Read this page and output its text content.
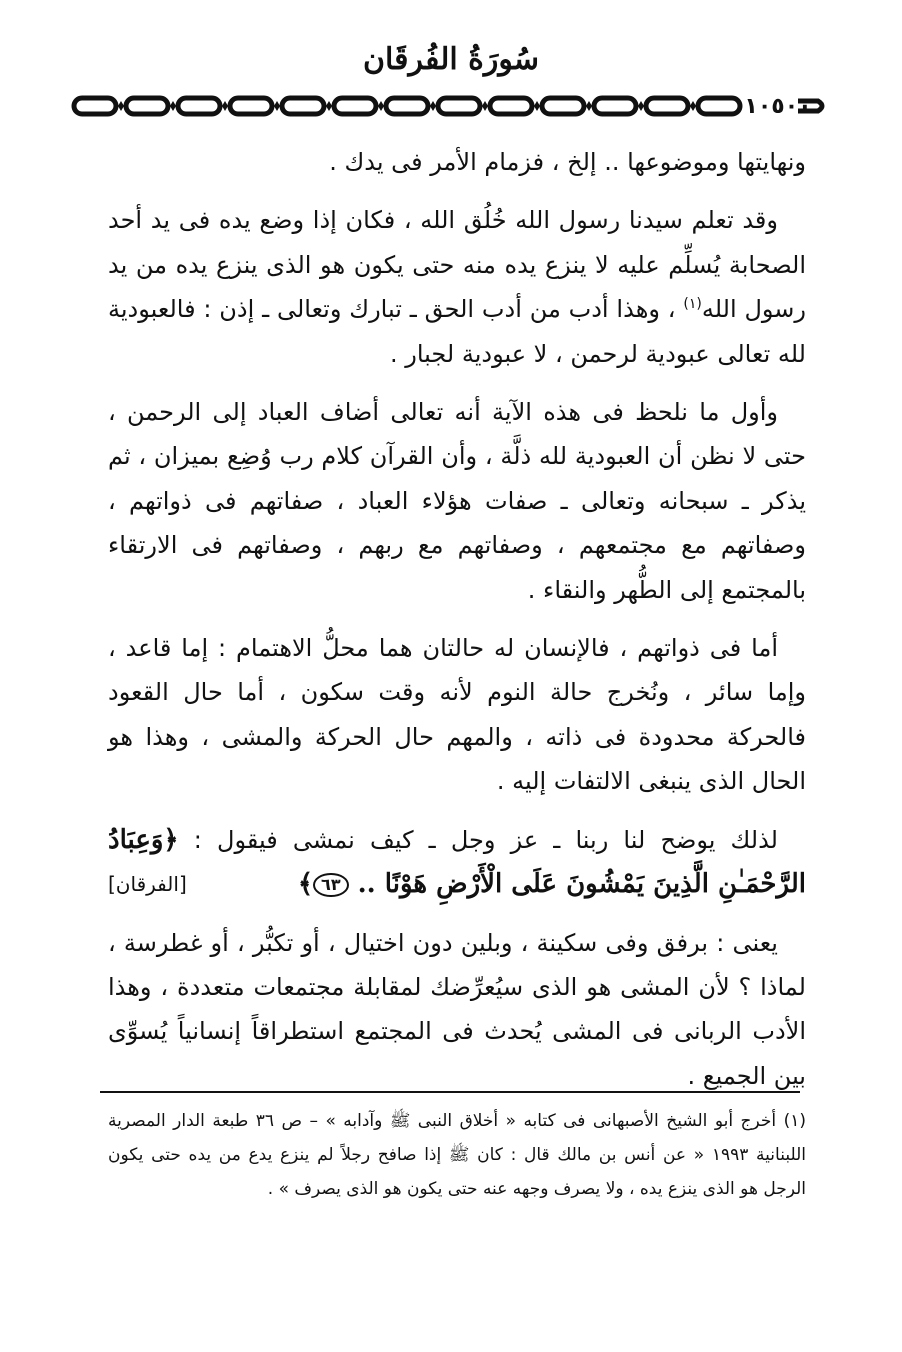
سُورَةُ الفُرقَان
١٠٥٠٠

ونهايتها وموضوعها .. إلخ ، فزمام الأمر فى يدك .

وقد تعلم سيدنا رسول الله خُلُق الله ، فكان إذا وضع يده فى يد أحد الصحابة يُسلِّم عليه لا ينزع يده منه حتى يكون هو الذى ينزع يده من يد رسول الله$^{(١)}$ ، وهذا أدب من أدب الحق ـ تبارك وتعالى ـ إذن : فالعبودية لله تعالى عبودية لرحمن ، لا عبودية لجبار .

وأول ما نلحظ فى هذه الآية أنه تعالى أضاف العباد إلى الرحمن ، حتى لا نظن أن العبودية لله ذلَّة ، وأن القرآن كلام رب وُضِع بميزان ، ثم يذكر ـ سبحانه وتعالى ـ صفات هؤلاء العباد ، صفاتهم فى ذواتهم ، وصفاتهم مع مجتمعهم ، وصفاتهم مع ربهم ، وصفاتهم فى الارتقاء بالمجتمع إلى الطُّهر والنقاء .

أما فى ذواتهم ، فالإنسان له حالتان هما محلُّ الاهتمام : إما قاعد ، وإما سائر ، ونُخرج حالة النوم لأنه وقت سكون ، أما حال القعود فالحركة محدودة فى ذاته ، والمهم حال الحركة والمشى ، وهذا هو الحال الذى ينبغى الالتفات إليه .

لذلك يوضح لنا ربنا ـ عز وجل ـ كيف نمشى فيقول : ﴿وَعِبَادُ الرَّحْمَـٰنِ الَّذِينَ يَمْشُونَ عَلَى الْأَرْضِ هَوْنًا .. ٦٣﴾
[الفرقان]

يعنى : برفق وفى سكينة ، وبلين دون اختيال ، أو تكبُّر ، أو غطرسة ، لماذا ؟ لأن المشى هو الذى سيُعرِّضك لمقابلة مجتمعات متعددة ، وهذا الأدب الربانى فى المشى يُحدث فى المجتمع استطراقاً إنسانياً يُسوِّى بين الجميع .

(١) أخرج أبو الشيخ الأصبهانى فى كتابه « أخلاق النبى ﷺ وآدابه » – ص ٣٦ طبعة الدار المصرية اللبنانية ١٩٩٣ « عن أنس بن مالك قال : كان ﷺ إذا صافح رجلاً لم ينزع يدع من يده حتى يكون الرجل هو الذى ينزع يده ، ولا يصرف وجهه عنه حتى يكون هو الذى يصرف » .
